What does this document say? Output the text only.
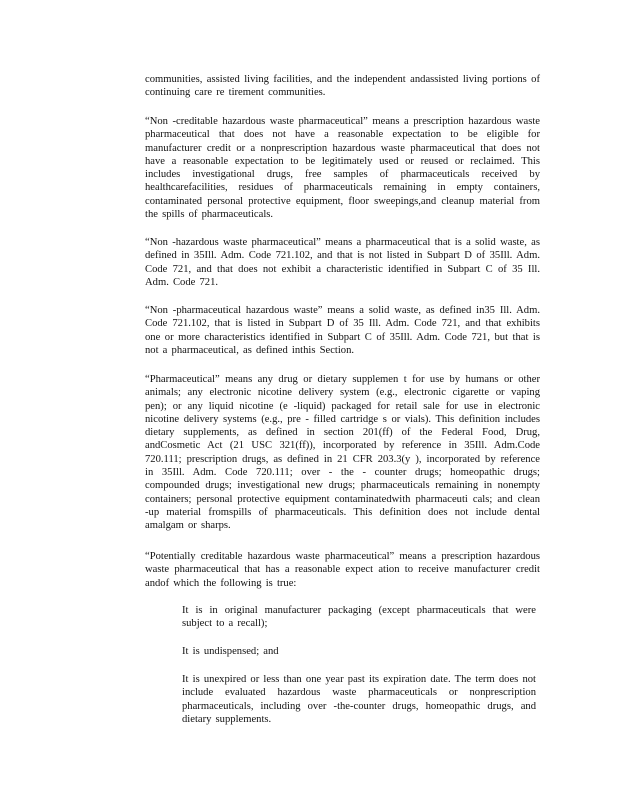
communities, assisted living facilities, and the independent andassisted living portions of continuing care re tirement communities.

“Non -creditable hazardous waste pharmaceutical” means a prescription hazardous waste pharmaceutical that does not have a reasonable expectation to be eligible for manufacturer credit or a nonprescription hazardous waste pharmaceutical that does not have a reasonable expectation to be legitimately used or reused or reclaimed. This includes investigational drugs, free samples of pharmaceuticals received by healthcarefacilities, residues of pharmaceuticals remaining in empty containers, contaminated personal protective equipment, floor sweepings,and cleanup material from the spills of pharmaceuticals.

“Non -hazardous waste pharmaceutical” means a pharmaceutical that is a solid waste, as defined in 35Ill. Adm. Code 721.102, and that is not listed in Subpart D of 35Ill. Adm. Code 721, and that does not exhibit a characteristic identified in Subpart C of 35 Ill. Adm. Code 721.

“Non -pharmaceutical hazardous waste” means a solid waste, as defined in35 Ill. Adm. Code 721.102, that is listed in Subpart D of 35 Ill. Adm. Code 721, and that exhibits one or more characteristics identified in Subpart C of 35Ill. Adm. Code 721, but that is not a pharmaceutical, as defined inthis Section.

“Pharmaceutical” means any drug or dietary supplemen t for use by humans or other animals; any electronic nicotine delivery system (e.g., electronic cigarette or vaping pen); or any liquid nicotine (e -liquid) packaged for retail sale for use in electronic nicotine delivery systems (e.g., pre - filled cartridge s or vials). This definition includes dietary supplements, as defined in section 201(ff) of the Federal Food, Drug, andCosmetic Act (21 USC 321(ff)), incorporated by reference in 35Ill. Adm.Code 720.111; prescription drugs, as defined in 21 CFR 203.3(y ), incorporated by reference in 35Ill. Adm. Code 720.111; over - the - counter drugs; homeopathic drugs; compounded drugs; investigational new drugs; pharmaceuticals remaining in nonempty containers; personal protective equipment contaminatedwith pharmaceuti cals; and clean -up material fromspills of pharmaceuticals. This definition does not include dental amalgam or sharps.

“Potentially creditable hazardous waste pharmaceutical” means a prescription hazardous waste pharmaceutical that has a reasonable expect ation to receive manufacturer credit andof which the following is true:

It is in original manufacturer packaging (except pharmaceuticals that were subject to a recall);

It is undispensed; and

It is unexpired or less than one year past its expiration date. The term does not include evaluated hazardous waste pharmaceuticals or nonprescription pharmaceuticals, including over -the-counter drugs, homeopathic drugs, and dietary supplements.
